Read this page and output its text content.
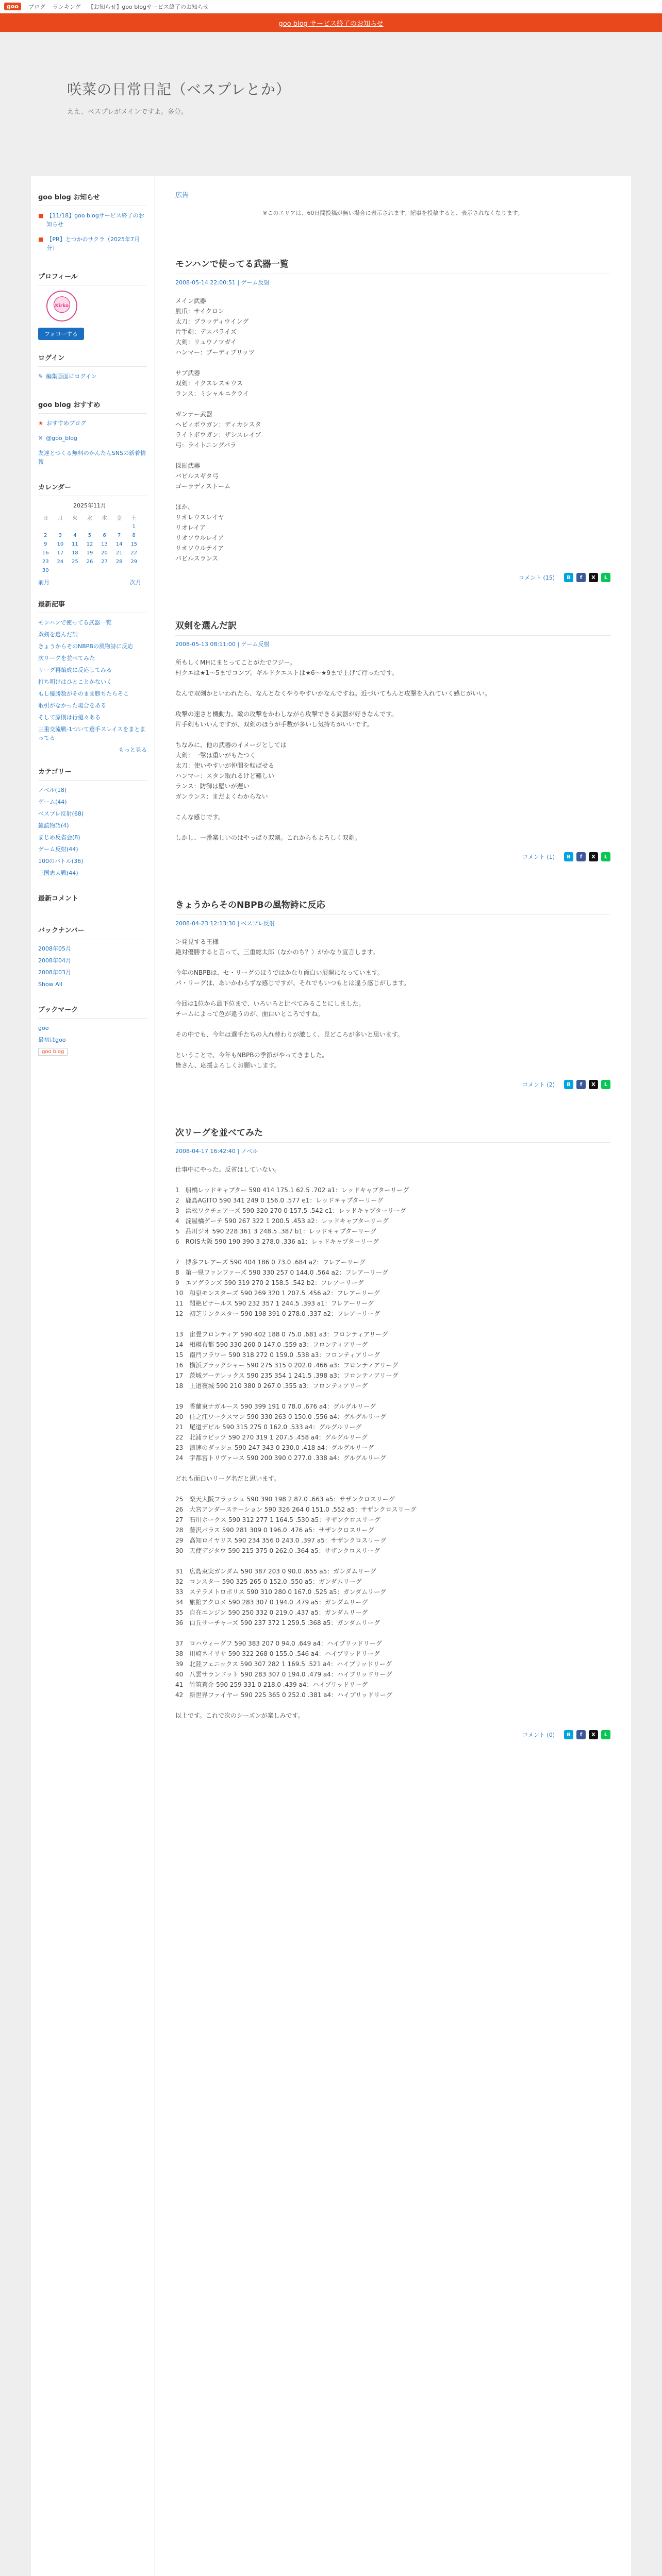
goo	ブログ ランキング 【お知らせ】goo blogサービス終了のお知らせ
goo blog サービス終了のお知らせ
咲菜の日常日記（ベスプレとか）

ええ、ベスプレがメインですよ。多分。

goo blog お知らせ
■ 【11/18】goo blogサービス終了のお知らせ
■ 【PR】とつかのサクラ（2025年7月分）
プロフィール
Kirko
フォローする
ログイン
✎ 編集画面にログイン
goo blog おすすめ
★ おすすめブログ
✕ @goo_blog
友達とつくる無料のかんたんSNSの新着情報
カレンダー
2025年11月
日	月	火	水	木	金	土
						1
2	3	4	5	6	7	8
9	10	11	12	13	14	15
16	17	18	19	20	21	22
23	24	25	26	27	28	29
30						
前月	次月
最新記事
モンハンで使ってる武器一覧
双剣を選んだ訳
きょうからそのNBPBの風物詩に反応
次リーグを並べてみた
リーグ再編成に反応してみる
打ち明けはひとことかないく
もし優勝数がそのまま勝ちたらそこ
取引がなかった場合をある
そして原則は行優々ある
三重交流戦-1ついて選手スレイスをまとまってる
もっと見る
カテゴリー
ノベル(18)
ゲーム(44)
ベスプレ反射(68)
雑読物語(4)
まじめ反省会(8)
ゲーム反射(44)
100のバトル(36)
三国志大戦(44)
最新コメント
バックナンバー
2008年05月
2008年04月
2008年03月
Show All
ブックマーク
goo
最初はgoo
goo blog
広告

※このエリアは、60日間投稿が無い場合に表示されます。記事を投稿すると、表示されなくなります。

モンハンで使ってる武器一覧
2008-05-14 22:00:51 | ゲーム反射

メイン武器

熊爪：サイクロン

太刀：ブラッディウイング

片手剣：デスパライズ

大剣：リュウノツガイ

ハンマー：ブーディブリッツ

サブ武器

双剣：イクスレスキウス

ランス：ミシャルニクライ

ガンナー武器

ヘビィボウガン：ディカシスタ

ライトボウガン：ザシスレイブ

弓：ライトニングバラ

採掘武器

バビルスギタ弓

ゴーラディストーム

ほか、

リオレウスレイヤ

リオレイア

リオソウルレイア

リオソウルテイア

バビルスランス

コメント (15)	B	f	X	L
双剣を選んだ訳
2008-05-13 08:11:00 | ゲーム反射

所もしくMHにまとってことがたでフジー。

村クエは★1〜5までコンプ。ギルドクエストは★6〜★9まで上げて行ったです。

なんで双剣かといわれたら、なんとなくやりやすいかなんですね。近づいてもんと攻撃を入れていく感じがいい。

攻撃の速さと機動力。敵の攻撃をかわしながら攻撃できる武器が好きなんです。

片手剣もいいんですが、双剣のほうが手数が多いし気持ちがいいです。

ちなみに、他の武器のイメージとしては

大剣：一撃は重いがもたつく

太刀：使いやすいが仲間を転ばせる

ハンマー：スタン取れるけど難しい

ランス：防御は堅いが遅い

ガンランス：まだよくわからない

こんな感じです。

しかし、一番楽しいのはやっぱり双剣。これからもよろしく双剣。

コメント (1)	B	f	X	L
きょうからそのNBPBの風物詩に反応
2008-04-23 12:13:30 | ベスプレ反射

＞発見する王様

絶対優勝すると言って、三重総太郎（なかのち？）がかなり宣言します。

今年のNBPBは、セ・リーグのほうではかなり面白い展開になっています。

パ・リーグは、あいかわらずな感じですが、それでもいつもとは違う感じがします。

今回は1位から最下位まで、いろいろと比べてみることにしました。

チームによって色が違うのが、面白いところですね。

その中でも、今年は選手たちの入れ替わりが激しく、見どころが多いと思います。

ということで、今年もNBPBの季節がやってきました。

皆さん、応援よろしくお願いします。

コメント (2)	B	f	X	L
次リーグを並べてみた
2008-04-17 16:42:40 | ノベル

仕事中にやった。反省はしていない。

1　船橋レッドキャプター 590 414 175.1 62.5 .702 a1：レッドキャプターリーグ

2　鹿島AGITO 590 341 249 0 156.0 .577 e1：レッドキャプターリーグ

3　浜松ワクチュアーズ 590 320 270 0 157.5 .542 c1：レッドキャプターリーグ

4　淀屋橋ゲーテ 590 267 322 1 200.5 .453 a2：レッドキャプターリーグ

5　品川ジオ 590 228 361 3 248.5 .387 b1：レッドキャプターリーグ

6　ROIS大阪 590 190 390 3 278.0 .336 a1：レッドキャプターリーグ

7　博多フレアーズ 590 404 186 0 73.0 .684 a2：フレアーリーグ

8　第一県ファンファーズ 590 330 257 0 144.0 .564 a2：フレアーリーグ

9　エアグランズ 590 319 270 2 158.5 .542 b2：フレアーリーグ

10　和泉モンスターズ 590 269 320 1 207.5 .456 a2：フレアーリーグ

11　悶絶ビナールス 590 232 357 1 244.5 .393 a1：フレアーリーグ

12　初芝リンクスター 590 198 391 0 278.0 .337 a2：フレアーリーグ

13　宙畳フロンティア 590 402 188 0 75.0 .681 a3：フロンティアリーグ

14　相模布都 590 330 260 0 147.0 .559 a3：フロンティアリーグ

15　南門フラワー 590 318 272 0 159.0 .538 a3：フロンティアリーグ

16　横浜ブラックシャー 590 275 315 0 202.0 .466 a3：フロンティアリーグ

17　茨城ゲーテレックス 590 235 354 1 241.5 .398 a3：フロンティアリーグ

18　上道夜城 590 210 380 0 267.0 .355 a3：フロンティアリーグ

19　香蘭東ナガルース 590 399 191 0 78.0 .676 a4：グルグルリーグ

20　住之江ワークスマン 590 330 263 0 150.0 .556 a4：グルグルリーグ

21　尾道デビル 590 315 275 0 162.0 .533 a4：グルグルリーグ

22　北浦ラビッツ 590 270 319 1 207.5 .458 a4：グルグルリーグ

23　浪速のダッシュ 590 247 343 0 230.0 .418 a4：グルグルリーグ

24　宇都宮トリヴァース 590 200 390 0 277.0 .338 a4：グルグルリーグ

どれも面白いリーグ名だと思います。

25　楽天大阪フラッシュ 590 390 198 2 87.0 .663 a5：サザンクロスリーグ

26　大宮アンダーステーション 590 326 264 0 151.0 .552 a5：サザンクロスリーグ

27　石川ホークス 590 312 277 1 164.5 .530 a5：サザンクロスリーグ

28　藤沢パラス 590 281 309 0 196.0 .476 a5：サザンクロスリーグ

29　高知ロイヤリス 590 234 356 0 243.0 .397 a5：サザンクロスリーグ

30　天使デジタウ 590 215 375 0 262.0 .364 a5：サザンクロスリーグ

31　広島東実ガンダム 590 387 203 0 90.0 .655 a5：ガンダムリーグ

32　ロンスター 590 325 265 0 152.0 .550 a5：ガンダムリーグ

33　ステラメトロポリス 590 310 280 0 167.0 .525 a5：ガンダムリーグ

34　旅館アクロメ 590 283 307 0 194.0 .479 a5：ガンダムリーグ

35　自在エンジン 590 250 332 0 219.0 .437 a5：ガンダムリーグ

36　白丘サーチャーズ 590 237 372 1 259.5 .368 a5：ガンダムリーグ

37　ロハウィーグフ 590 383 207 0 94.0 .649 a4：ハイブリッドリーグ

38　川崎ネイリサ 590 322 268 0 155.0 .546 a4：ハイブリッドリーグ

39　北陸フェニックス 590 307 282 1 169.5 .521 a4：ハイブリッドリーグ

40　八雲サランドット 590 283 307 0 194.0 .479 a4：ハイブリッドリーグ

41　竹筑蒼介 590 259 331 0 218.0 .439 a4：ハイブリッドリーグ

42　新世界ファイヤー 590 225 365 0 252.0 .381 a4：ハイブリッドリーグ

以上です。これで次のシーズンが楽しみです。

コメント (0)	B	f	X	L
